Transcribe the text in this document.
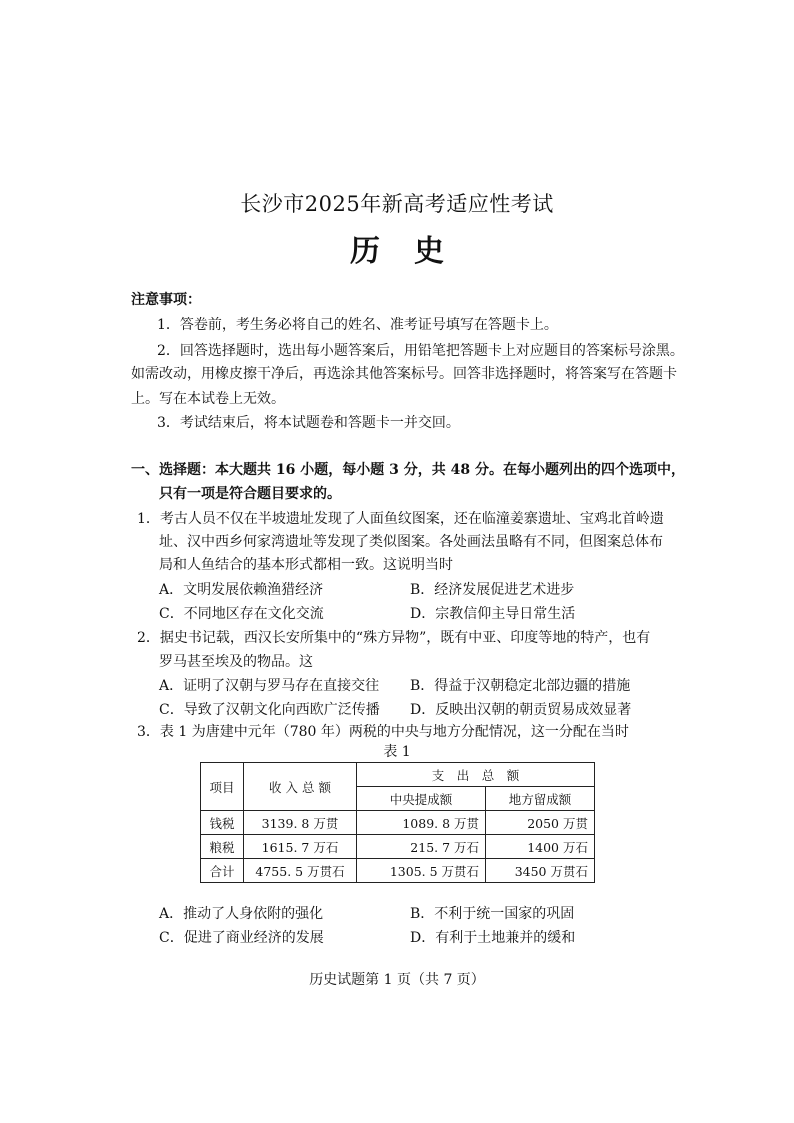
长沙市2025年新高考适应性考试
历史
注意事项：
1．答卷前，考生务必将自己的姓名、准考证号填写在答题卡上。
2．回答选择题时，选出每小题答案后，用铅笔把答题卡上对应题目的答案标号涂黑。
如需改动，用橡皮擦干净后，再选涂其他答案标号。回答非选择题时，将答案写在答题卡
上。写在本试卷上无效。
3．考试结束后，将本试题卷和答题卡一并交回。
一、选择题：本大题共 16 小题，每小题 3 分，共 48 分。在每小题列出的四个选项中，
只有一项是符合题目要求的。
1．考古人员不仅在半坡遗址发现了人面鱼纹图案，还在临潼姜寨遗址、宝鸡北首岭遗
址、汉中西乡何家湾遗址等发现了类似图案。各处画法虽略有不同，但图案总体布
局和人鱼结合的基本形式都相一致。这说明当时
A．文明发展依赖渔猎经济	B．经济发展促进艺术进步
C．不同地区存在文化交流	D．宗教信仰主导日常生活
2．据史书记载，西汉长安所集中的“殊方异物”，既有中亚、印度等地的特产，也有
罗马甚至埃及的物品。这
A．证明了汉朝与罗马存在直接交往 B．得益于汉朝稳定北部边疆的措施
C．导致了汉朝文化向西欧广泛传播 D．反映出汉朝的朝贡贸易成效显著
3．表 1 为唐建中元年（780 年）两税的中央与地方分配情况，这一分配在当时
表 1
项目	收 入 总 额	支　出　总　额	
		中央提成额	地方留成额
钱税	3139. 8 万贯	1089. 8 万贯	2050 万贯
粮税	1615. 7 万石	215. 7 万石	1400 万石
合计	4755. 5 万贯石	1305. 5 万贯石	3450 万贯石
A．推动了人身依附的强化	B．不利于统一国家的巩固
C．促进了商业经济的发展	D．有利于土地兼并的缓和
历史试题第 1 页（共 7 页）
